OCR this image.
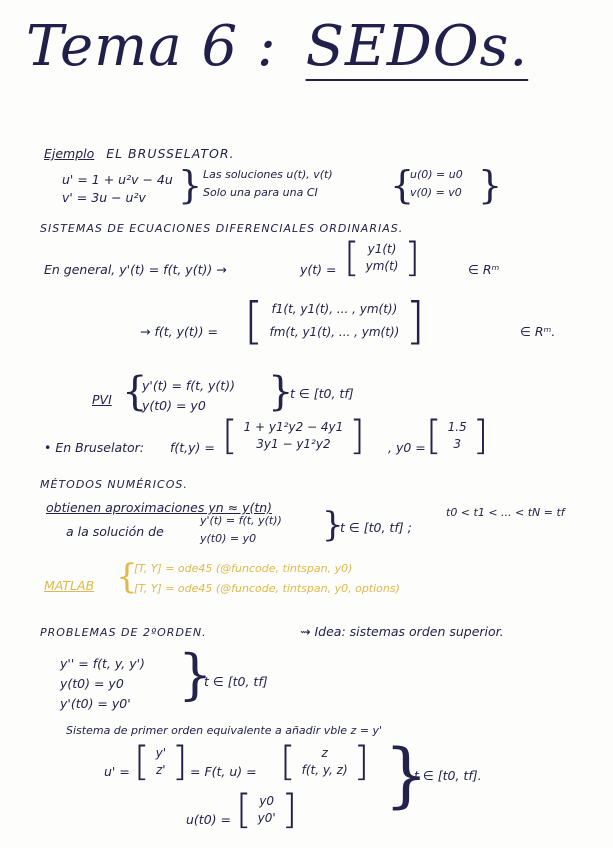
Tema 6 : SEDOs.
Ejemplo EL BRUSSELATOR.
u' = 1 + u²v − 4u
v' = 3u − u²v } Las soluciones u(t), v(t)
Solo una para una CI {
u(0) = u0
v(0) = v0 }
SISTEMAS DE ECUACIONES DIFERENCIALES ORDINARIAS.
En general, y'(t) = f(t, y(t)) →	y(t) = [ y1(t)
ym(t) ]	∈ Rᵐ
→ f(t, y(t)) = [ f1(t, y1(t), ... , ym(t))
fm(t, y1(t), ... , ym(t)) ]	∈ Rᵐ.
PVI {
y'(t) = f(t, y(t))
y(t0) = y0 }
t ∈ [t0, tf]
• En Bruselator: f(t,y) = [ 1 + y1²y2 − 4y1
3y1 − y1²y2 ] , y0 = [ 1.5
3 ]
MÉTODOS NUMÉRICOS.
obtienen aproximaciones yn ≈ y(tn)
a la solución de
y'(t) = f(t, y(t))
y(t0) = y0 }
t ∈ [t0, tf] ;
t0 < t1 < ... < tN = tf
MATLAB {
[T, Y] = ode45 (@funcode, tintspan, y0)
[T, Y] = ode45 (@funcode, tintspan, y0, options)
PROBLEMAS DE 2ºORDEN.	⇝ Idea: sistemas orden superior.
y'' = f(t, y, y')
y(t0) = y0
y'(t0) = y0' }
t ∈ [t0, tf]
Sistema de primer orden equivalente a añadir vble z = y'
u' = [ y'
z' ] = F(t, u) = [ z
f(t, y, z) ] }
t ∈ [t0, tf].
u(t0) = [ y0
y0' ]
